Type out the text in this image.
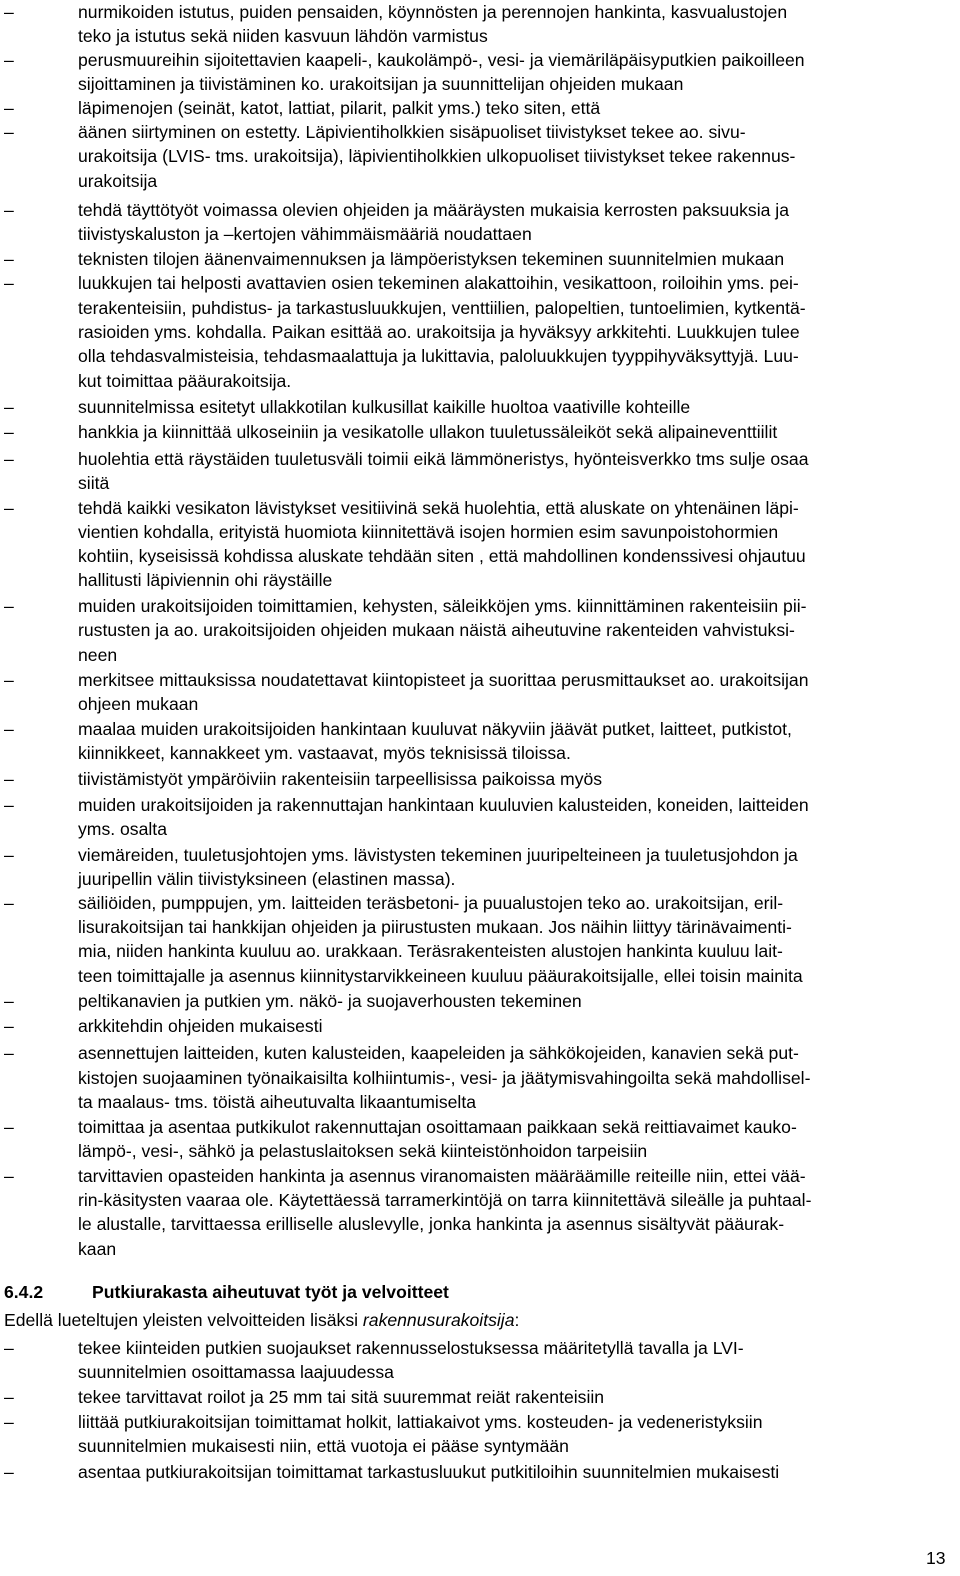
–	nurmikoiden istutus, puiden pensaiden, köynnösten ja perennojen hankinta, kasvualustojen
teko ja istutus sekä niiden kasvuun lähdön varmistus
–	perusmuureihin sijoitettavien kaapeli-, kaukolämpö-, vesi- ja viemäriläpäisyputkien paikoilleen
sijoittaminen ja tiivistäminen ko. urakoitsijan ja suunnittelijan ohjeiden mukaan
–	läpimenojen (seinät, katot, lattiat, pilarit, palkit yms.) teko siten, että
–	äänen siirtyminen on estetty. Läpivientiholkkien sisäpuoliset tiivistykset tekee ao. sivu-
urakoitsija (LVIS- tms. urakoitsija), läpivientiholkkien ulkopuoliset tiivistykset tekee rakennus-
urakoitsija
–	tehdä täyttötyöt voimassa olevien ohjeiden ja määräysten mukaisia kerrosten paksuuksia ja
tiivistyskaluston ja –kertojen vähimmäismääriä noudattaen
–	teknisten tilojen äänenvaimennuksen ja lämpöeristyksen tekeminen suunnitelmien mukaan
–	luukkujen tai helposti avattavien osien tekeminen alakattoihin, vesikattoon, roiloihin yms. pei-
terakenteisiin, puhdistus- ja tarkastusluukkujen, venttiilien, palopeltien, tuntoelimien, kytkentä-
rasioiden yms. kohdalla. Paikan esittää ao. urakoitsija ja hyväksyy arkkitehti. Luukkujen tulee
olla tehdasvalmisteisia, tehdasmaalattuja ja lukittavia, paloluukkujen tyyppihyväksyttyjä. Luu-
kut toimittaa pääurakoitsija.
–	suunnitelmissa esitetyt ullakkotilan kulkusillat kaikille huoltoa vaativille kohteille
–	hankkia ja kiinnittää ulkoseiniin ja vesikatolle ullakon tuuletussäleiköt sekä alipaineventtiilit
–	huolehtia että räystäiden tuuletusväli toimii eikä lämmöneristys, hyönteisverkko tms sulje osaa
siitä
–	tehdä kaikki vesikaton lävistykset vesitiivinä sekä huolehtia, että aluskate on yhtenäinen läpi-
vientien kohdalla, erityistä huomiota kiinnitettävä isojen hormien esim savunpoistohormien
kohtiin, kyseisissä kohdissa aluskate tehdään siten , että mahdollinen kondenssivesi ohjautuu
hallitusti läpiviennin ohi räystäille
–	muiden urakoitsijoiden toimittamien, kehysten, säleikköjen yms. kiinnittäminen rakenteisiin pii-
rustusten ja ao. urakoitsijoiden ohjeiden mukaan näistä aiheutuvine rakenteiden vahvistuksi-
neen
–	merkitsee mittauksissa noudatettavat kiintopisteet ja suorittaa perusmittaukset ao. urakoitsijan
ohjeen mukaan
–	maalaa muiden urakoitsijoiden hankintaan kuuluvat näkyviin jäävät putket, laitteet, putkistot,
kiinnikkeet, kannakkeet ym. vastaavat, myös teknisissä tiloissa.
–	tiivistämistyöt ympäröiviin rakenteisiin tarpeellisissa paikoissa myös
–	muiden urakoitsijoiden ja rakennuttajan hankintaan kuuluvien kalusteiden, koneiden, laitteiden
yms. osalta
–	viemäreiden, tuuletusjohtojen yms. lävistysten tekeminen juuripelteineen ja tuuletusjohdon ja
juuripellin välin tiivistyksineen (elastinen massa).
–	säiliöiden, pumppujen, ym. laitteiden teräsbetoni- ja puualustojen teko ao. urakoitsijan, eril-
lisurakoitsijan tai hankkijan ohjeiden ja piirustusten mukaan. Jos näihin liittyy tärinävaimenti-
mia, niiden hankinta kuuluu ao. urakkaan. Teräsrakenteisten alustojen hankinta kuuluu lait-
teen toimittajalle ja asennus kiinnitystarvikkeineen kuuluu pääurakoitsijalle, ellei toisin mainita
–	peltikanavien ja putkien ym. näkö- ja suojaverhousten tekeminen
–	arkkitehdin ohjeiden mukaisesti
–	asennettujen laitteiden, kuten kalusteiden, kaapeleiden ja sähkökojeiden, kanavien sekä put-
kistojen suojaaminen työnaikaisilta kolhiintumis-, vesi- ja jäätymisvahingoilta sekä mahdollisel-
ta maalaus- tms. töistä aiheutuvalta likaantumiselta
–	toimittaa ja asentaa putkikulot rakennuttajan osoittamaan paikkaan sekä reittiavaimet kauko-
lämpö-, vesi-, sähkö ja pelastuslaitoksen sekä kiinteistönhoidon tarpeisiin
–	tarvittavien opasteiden hankinta ja asennus viranomaisten määräämille reiteille niin, ettei vää-
rin-käsitysten vaaraa ole. Käytettäessä tarramerkintöjä on tarra kiinnitettävä sileälle ja puhtaal-
le alustalle, tarvittaessa erilliselle aluslevylle, jonka hankinta ja asennus sisältyvät pääurak-
kaan
6.4.2	Putkiurakasta aiheutuvat työt ja velvoitteet
Edellä lueteltujen yleisten velvoitteiden lisäksi rakennusurakoitsija:
–	tekee kiinteiden putkien suojaukset rakennusselostuksessa määritetyllä tavalla ja LVI-
suunnitelmien osoittamassa laajuudessa
–	tekee tarvittavat roilot ja 25 mm tai sitä suuremmat reiät rakenteisiin
–	liittää putkiurakoitsijan toimittamat holkit, lattiakaivot yms. kosteuden- ja vedeneristyksiin
suunnitelmien mukaisesti niin, että vuotoja ei pääse syntymään
–	asentaa putkiurakoitsijan toimittamat tarkastusluukut putkitiloihin suunnitelmien mukaisesti
13
